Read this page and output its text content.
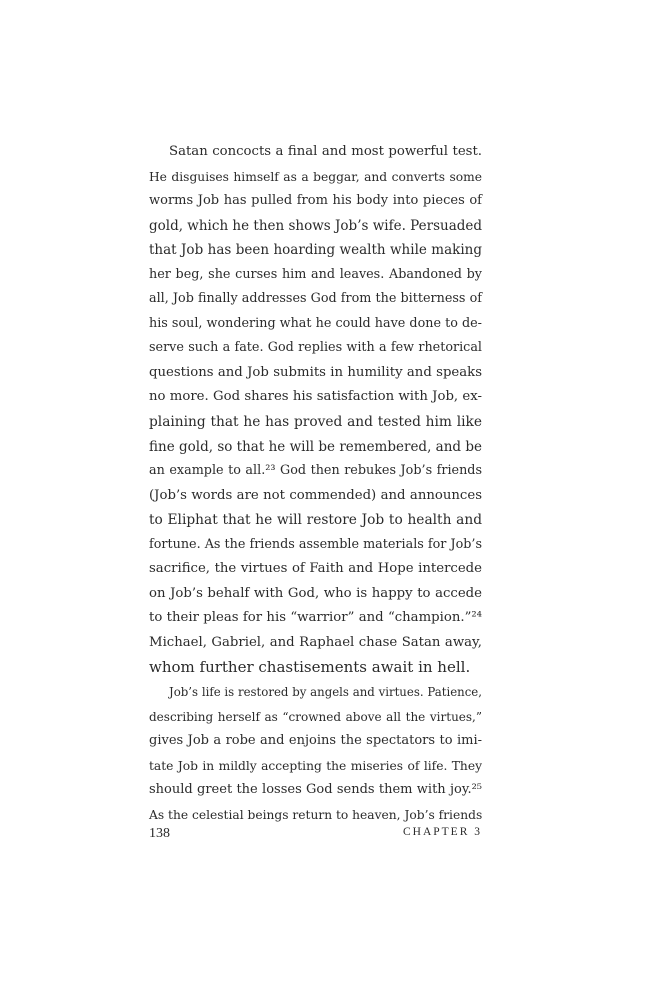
Satan concocts a final and most powerful test.
He disguises himself as a beggar, and converts some
worms Job has pulled from his body into pieces of
gold, which he then shows Job’s wife. Persuaded
that Job has been hoarding wealth while making
her beg, she curses him and leaves. Abandoned by
all, Job finally addresses God from the bitterness of
his soul, wondering what he could have done to de-
serve such a fate. God replies with a few rhetorical
questions and Job submits in humility and speaks
no more. God shares his satisfaction with Job, ex-
plaining that he has proved and tested him like
fine gold, so that he will be remembered, and be
an example to all.²³ God then rebukes Job’s friends
(Job’s words are not commended) and announces
to Eliphat that he will restore Job to health and
fortune. As the friends assemble materials for Job’s
sacrifice, the virtues of Faith and Hope intercede
on Job’s behalf with God, who is happy to accede
to their pleas for his “warrior” and “champion.”²⁴
Michael, Gabriel, and Raphael chase Satan away,
whom further chastisements await in hell.
Job’s life is restored by angels and virtues. Patience,
describing herself as “crowned above all the virtues,”
gives Job a robe and enjoins the spectators to imi-
tate Job in mildly accepting the miseries of life. They
should greet the losses God sends them with joy.²⁵
As the celestial beings return to heaven, Job’s friends
138	CHAPTER 3
